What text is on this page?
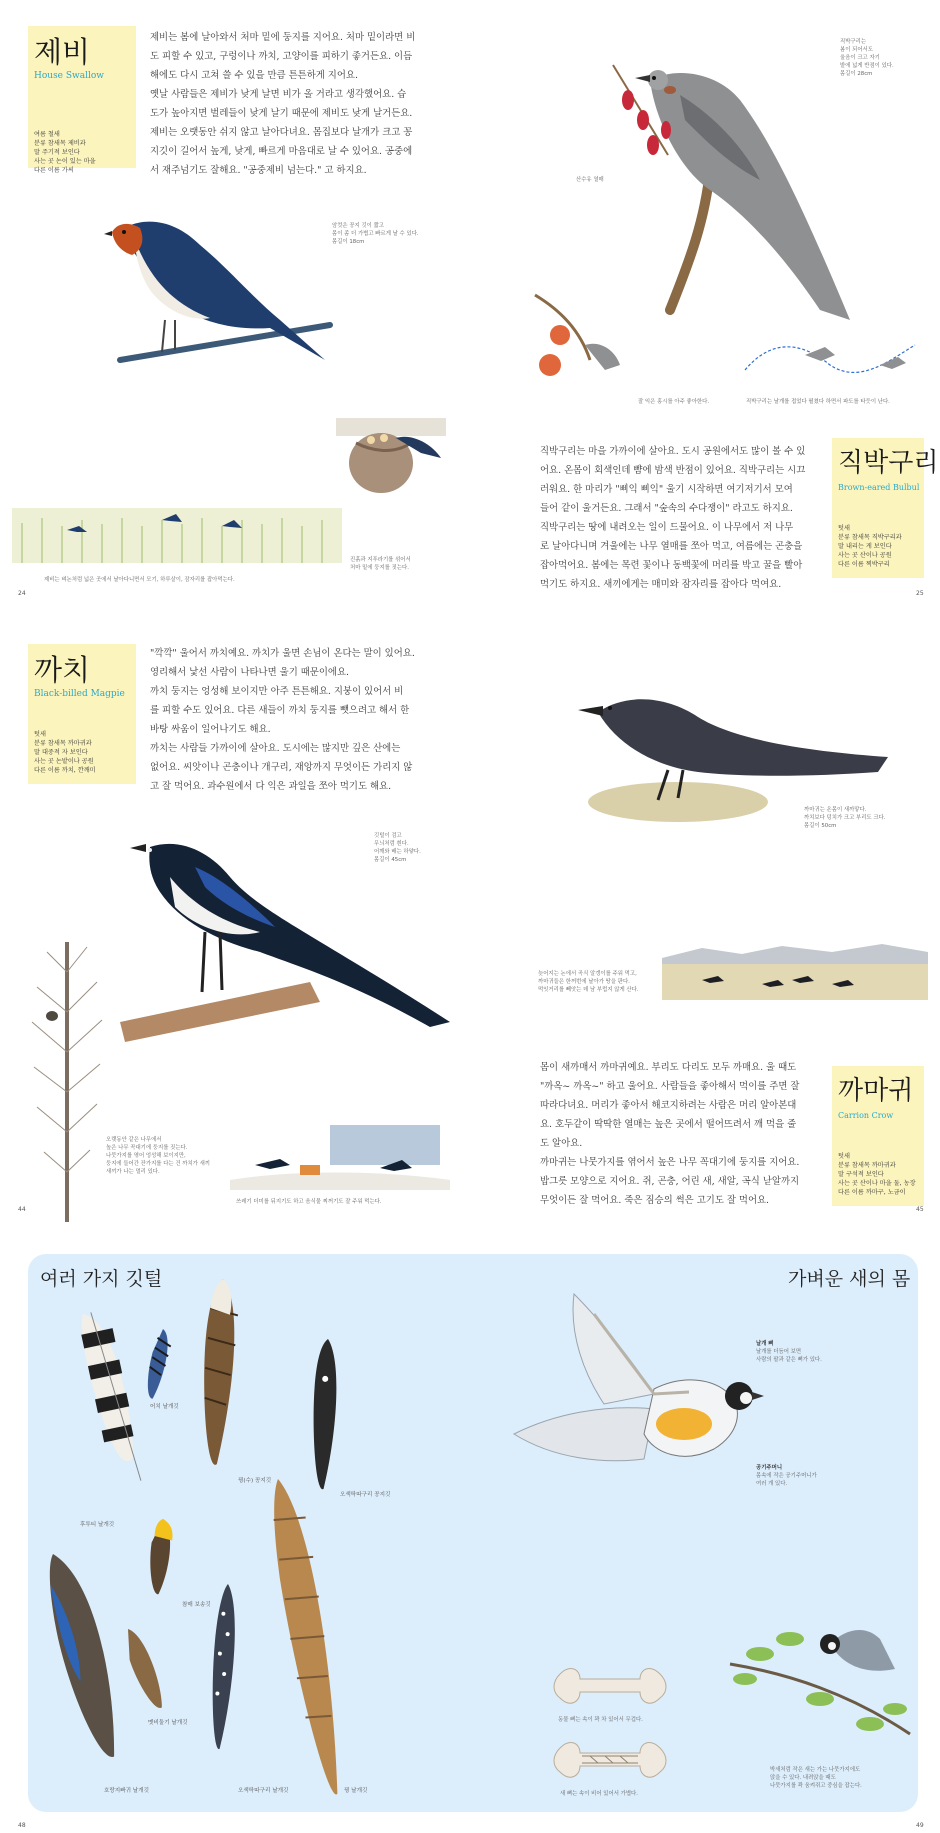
제비
House Swallow
여름 철새
분류 참새목 제비과
말 주기적 보인다
사는 곳 논이 있는 마을
다른 이름 가씨

제비는 봄에 날아와서 처마 밑에 둥지를 지어요. 처마 밑이라면 비

도 피할 수 있고, 구렁이나 까치, 고양이를 피하기 좋거든요. 이듬

해에도 다시 고쳐 쓸 수 있을 만큼 튼튼하게 지어요.

옛날 사람들은 제비가 낮게 날면 비가 올 거라고 생각했어요. 습

도가 높아지면 벌레들이 낮게 날기 때문에 제비도 낮게 날거든요.

제비는 오랫동안 쉬지 않고 날아다녀요. 몸집보다 날개가 크고 꽁

지깃이 길어서 높게, 낮게, 빠르게 마음대로 날 수 있어요. 공중에

서 재주넘기도 잘해요. "공중제비 넘는다." 고 하지요.

암컷은 꽁지 깃이 짧고
몸이 좀 더 가볍고 빠르게 날 수 있다.
몸길이 18cm
제비는 벼논처럼 넓은 곳에서 날아다니면서 모기, 하루살이, 잠자리를 잡아먹는다.
24
산수유 열매
직박구리는
봄이 되어서도
울음이 크고 자기
밭에 넓게 반점이 있다.
몸길이 28cm
잘 익은 홍시를 아주 좋아한다.	직박구리는 날개를 접었다 펼쳤다 하면서 파도를 타듯이 난다.

직박구리는 마을 가까이에 살아요. 도시 공원에서도 많이 볼 수 있

어요. 온몸이 회색인데 뺨에 밤색 반점이 있어요. 직박구리는 시끄

러워요. 한 마리가 "삐익 삐익" 울기 시작하면 여기저기서 모여

들어 같이 울거든요. 그래서 "숲속의 수다쟁이" 라고도 하지요.

직박구리는 땅에 내려오는 일이 드물어요. 이 나무에서 저 나무

로 날아다니며 겨울에는 나무 열매를 쪼아 먹고, 여름에는 곤충을

잡아먹어요. 봄에는 목련 꽃이나 동백꽃에 머리를 박고 꿀을 빨아

먹기도 하지요. 새끼에게는 매미와 잠자리를 잡아다 먹여요.

직박구리
Brown-eared Bulbul
텃새
분류 참새목 직박구리과
말 내리는 게 보인다
사는 곳 산이나 공원
다른 이름 찍박구리
25
진흙과 지푸라기를 섞어서
처마 밑에 둥지를 짓는다.
까치
Black-billed Magpie
텃새
분류 참새목 까마귀과
말 대중적 자 보인다
사는 곳 논밭이나 공원
다른 이름 까치, 깐깨미

"깍깍" 울어서 까치예요. 까치가 울면 손님이 온다는 말이 있어요.

영리해서 낯선 사람이 나타나면 울기 때문이에요.

까치 둥지는 엉성해 보이지만 아주 튼튼해요. 지붕이 있어서 비

를 피할 수도 있어요. 다른 새들이 까치 둥지를 뺏으려고 해서 한

바탕 싸움이 일어나기도 해요.

까치는 사람들 가까이에 살아요. 도시에는 많지만 깊은 산에는

없어요. 씨앗이나 곤충이나 개구리, 재앙까지 무엇이든 가리지 않

고 잘 먹어요. 과수원에서 다 익은 과일을 쪼아 먹기도 해요.

깃털이 검고
무늬처럼 흰다.
어깨와 배는 하얗다.
몸길이 45cm
쓰레기 더미를 뒤지기도 하고 음식물 찌꺼기도 잘 주워 먹는다.
44
까마귀는 온몸이 새까맣다.
까치보다 덩치가 크고 부리도 크다.
몸길이 50cm
늦어지는 논에서 곡식 알갱이를 주워 먹고,
까마귀들은 한꺼번에 날아가 땅을 판다.
먹잇거리를 빼앗는 데 남 부럽지 않게 산다.

몸이 새까매서 까마귀예요. 부리도 다리도 모두 까매요. 울 때도

"까옥~ 까옥~" 하고 울어요. 사람들을 좋아해서 먹이를 주면 잘

따라다녀요. 머리가 좋아서 해코지하려는 사람은 머리 알아본대

요. 호두같이 딱딱한 열매는 높은 곳에서 떨어뜨려서 깨 먹을 줄

도 알아요.

까마귀는 나뭇가지를 엮어서 높은 나무 꼭대기에 둥지를 지어요.

밥그릇 모양으로 지어요. 쥐, 곤충, 어린 새, 새알, 곡식 낟알까지

무엇이든 잘 먹어요. 죽은 짐승의 썩은 고기도 잘 먹어요.

까마귀
Carrion Crow
텃새
분류 참새목 까마귀과
말 구석적 보인다
사는 곳 산이나 마을 둘, 농장
다른 이름 까마구, 노금이
45
오랫동안 같은 나무에서
높은 나무 꼭대기에 둥지를 짓는다.
나뭇가지를 엮어 엉성해 보이지만,
둥지에 들어간 잔가지를 다는 건 까치가 새끼
새끼가 나는 멀리 있다.
여러 가지 깃털	가벼운 새의 몸
어치 날개깃
후투티 날개깃
꿩(수) 꽁지깃
오색딱따구리 꽁지깃
참매 보송깃
멧비둘기 날개깃
호랑지빠귀 날개깃	오색딱따구리 날개깃	꿩 날개깃
날개 뼈
날개를 더듬어 보면
사람의 팔과 같은 뼈가 있다.
공기주머니
몸속에 작은 공기주머니가
여러 개 있다.
동물 뼈는 속이 꽉 차 있어서 무겁다.
새 뼈는 속이 비어 있어서 가볍다.
박새처럼 작은 새는 가는 나뭇가지에도
앉을 수 있다. 내려앉을 때도
나뭇가지를 꽉 움켜쥐고 중심을 잡는다.
48	49
